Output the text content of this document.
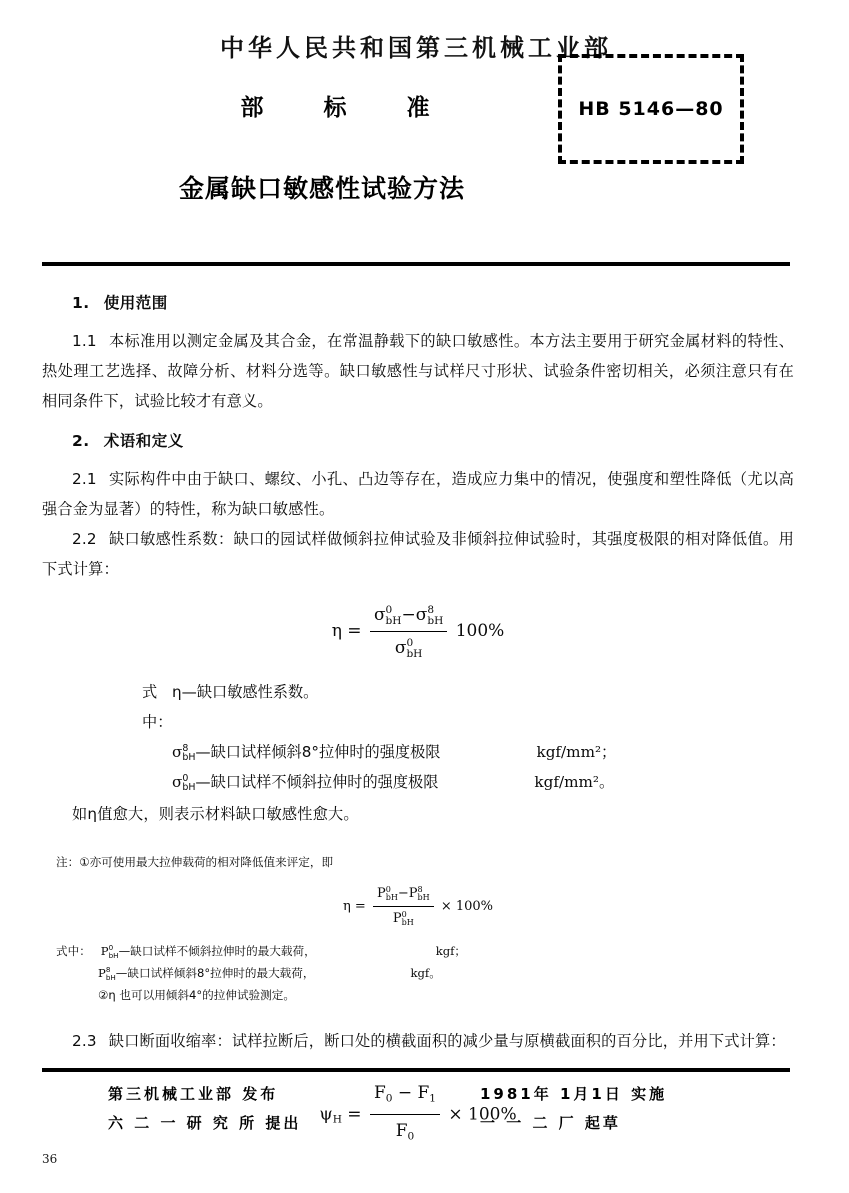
中华人民共和国第三机械工业部
部 标 准
金属缺口敏感性试验方法
HB 5146—80
1. 使用范围

1.1 本标准用以测定金属及其合金，在常温静载下的缺口敏感性。本方法主要用于研究金属材料的特性、热处理工艺选择、故障分析、材料分选等。缺口敏感性与试样尺寸形状、试验条件密切相关，必须注意只有在相同条件下，试验比较才有意义。

2. 术语和定义

2.1 实际构件中由于缺口、螺纹、小孔、凸边等存在，造成应力集中的情况，使强度和塑性降低（尤以高强合金为显著）的特性，称为缺口敏感性。

2.2 缺口敏感性系数：缺口的园试样做倾斜拉伸试验及非倾斜拉伸试验时，其强度极限的相对降低值。用下式计算：

η = σ 0
bH −σ 8
bH
σ 0
bH 100%
式中：
η—缺口敏感性系数。
σ 8
bH —缺口试样倾斜8°拉伸时的强度极限	kgf/mm²；
σ 0
bH —缺口试样不倾斜拉伸时的强度极限	kgf/mm²。

如η值愈大，则表示材料缺口敏感性愈大。

注：①亦可使用最大拉伸载荷的相对降低值来评定，即
η = P 0
bH −P 8
bH
P 0
bH × 100%
式中： P 0
bH —缺口试样不倾斜拉伸时的最大载荷，	kgf；
P 8
bH —缺口试样倾斜8°拉伸时的最大载荷，	kgf。
②η 也可以用倾斜4°的拉伸试验测定。

2.3 缺口断面收缩率：试样拉断后，断口处的横截面积的减少量与原横截面积的百分比，并用下式计算：

$\psi_H = \frac{F_0 - F_1}{F_0} \times 100\%$
第三机械工业部 发布	1981年 1月1日 实施
六 二 一 研 究 所 提出	一 一 二 厂 起草
36
